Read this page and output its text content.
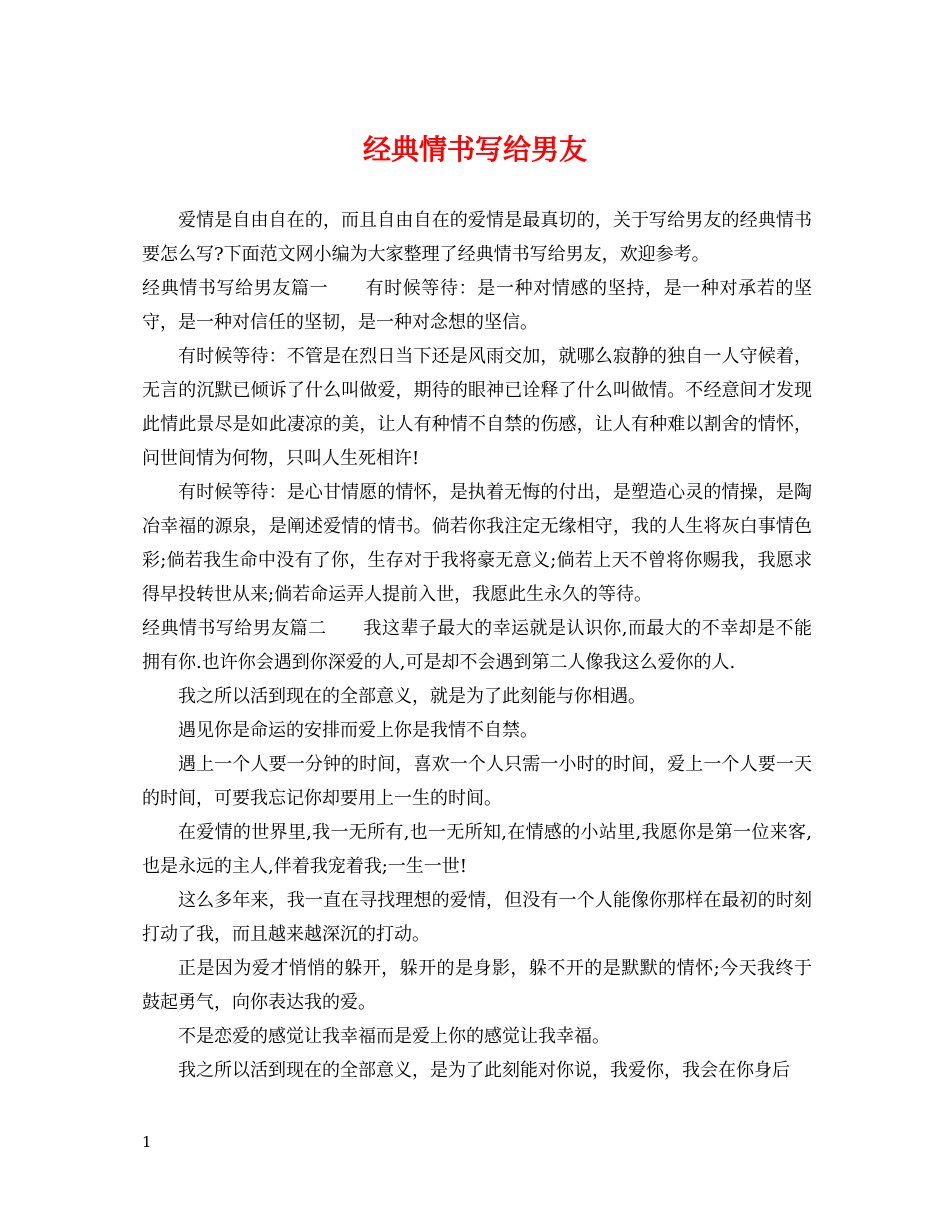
经典情书写给男友

爱情是自由自在的，而且自由自在的爱情是最真切的，关于写给男友的经典情书要怎么写?下面范文网小编为大家整理了经典情书写给男友，欢迎参考。

经典情书写给男友篇一　　有时候等待：是一种对情感的坚持，是一种对承若的坚守，是一种对信任的坚韧，是一种对念想的坚信。

有时候等待：不管是在烈日当下还是风雨交加，就哪么寂静的独自一人守候着，无言的沉默已倾诉了什么叫做爱，期待的眼神已诠释了什么叫做情。不经意间才发现此情此景尽是如此凄凉的美，让人有种情不自禁的伤感，让人有种难以割舍的情怀，问世间情为何物，只叫人生死相许!

有时候等待：是心甘情愿的情怀，是执着无悔的付出，是塑造心灵的情操，是陶冶幸福的源泉，是阐述爱情的情书。倘若你我注定无缘相守，我的人生将灰白事情色彩;倘若我生命中没有了你，生存对于我将豪无意义;倘若上天不曾将你赐我，我愿求得早投转世从来;倘若命运弄人提前入世，我愿此生永久的等待。

经典情书写给男友篇二　　我这辈子最大的幸运就是认识你,而最大的不幸却是不能拥有你.也许你会遇到你深爱的人,可是却不会遇到第二人像我这么爱你的人.

我之所以活到现在的全部意义，就是为了此刻能与你相遇。

遇见你是命运的安排而爱上你是我情不自禁。

遇上一个人要一分钟的时间，喜欢一个人只需一小时的时间，爱上一个人要一天的时间，可要我忘记你却要用上一生的时间。

在爱情的世界里,我一无所有,也一无所知,在情感的小站里,我愿你是第一位来客,也是永远的主人,伴着我宠着我;一生一世!

这么多年来，我一直在寻找理想的爱情，但没有一个人能像你那样在最初的时刻打动了我，而且越来越深沉的打动。

正是因为爱才悄悄的躲开，躲开的是身影，躲不开的是默默的情怀;今天我终于鼓起勇气，向你表达我的爱。

不是恋爱的感觉让我幸福而是爱上你的感觉让我幸福。

我之所以活到现在的全部意义，是为了此刻能对你说，我爱你，我会在你身后

1
